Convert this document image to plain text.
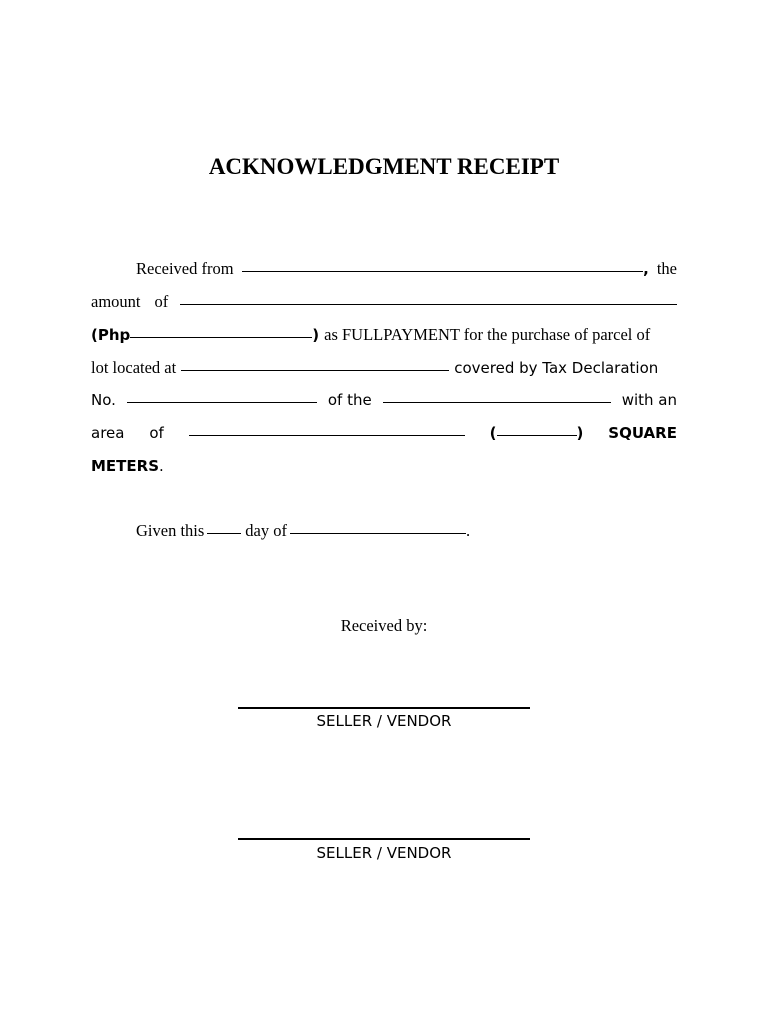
ACKNOWLEDGMENT RECEIPT
Received from	, the
amount of
(Php	) as FULLPAYMENT for the purchase of parcel of
lot located at	covered by Tax Declaration
No.	of the	with an
area of	(	) SQUARE
METERS .
Given this day of	.
Received by:
SELLER / VENDOR
SELLER / VENDOR
